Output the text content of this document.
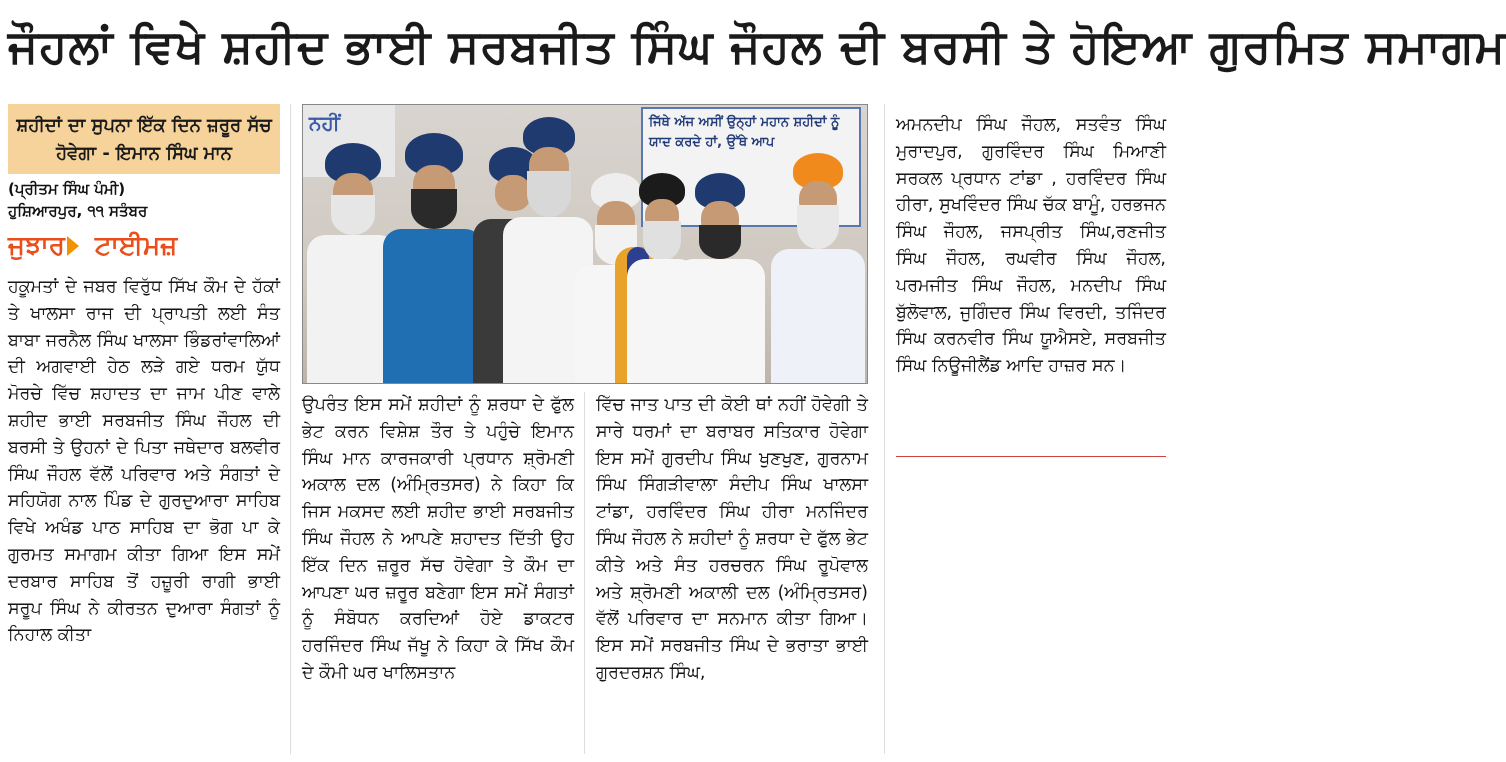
ਜੌਹਲਾਂ ਵਿਖੇ ਸ਼ਹੀਦ ਭਾਈ ਸਰਬਜੀਤ ਸਿੰਘ ਜੌਹਲ ਦੀ ਬਰਸੀ ਤੇ ਹੋਇਆ ਗੁਰਮਿਤ ਸਮਾਗਮ
ਸ਼ਹੀਦਾਂ ਦਾ ਸੁਪਨਾ ਇੱਕ ਦਿਨ ਜ਼ਰੂਰ ਸੱਚ ਹੋਵੇਗਾ - ਇਮਾਨ ਸਿੰਘ ਮਾਨ
(ਪ੍ਰੀਤਮ ਸਿੰਘ ਪੰਮੀ)
ਹੁਸ਼ਿਆਰਪੁਰ, ੧੧ ਸਤੰਬਰ
ਜੁਝਾਰ ਟਾਈਮਜ਼
ਹਕੂਮਤਾਂ ਦੇ ਜਬਰ ਵਿਰੁੱਧ ਸਿੱਖ ਕੌਮ ਦੇ ਹੱਕਾਂ ਤੇ ਖਾਲਸਾ ਰਾਜ ਦੀ ਪ੍ਰਾਪਤੀ ਲਈ ਸੰਤ ਬਾਬਾ ਜਰਨੈਲ ਸਿੰਘ ਖਾਲਸਾ ਭਿੰਡਰਾਂਵਾਲਿਆਂ ਦੀ ਅਗਵਾਈ ਹੇਠ ਲੜੇ ਗਏ ਧਰਮ ਯੁੱਧ ਮੋਰਚੇ ਵਿੱਚ ਸ਼ਹਾਦਤ ਦਾ ਜਾਮ ਪੀਣ ਵਾਲੇ ਸ਼ਹੀਦ ਭਾਈ ਸਰਬਜੀਤ ਸਿੰਘ ਜੌਹਲ ਦੀ ਬਰਸੀ ਤੇ ਉਹਨਾਂ ਦੇ ਪਿਤਾ ਜਥੇਦਾਰ ਬਲਵੀਰ ਸਿੰਘ ਜੌਹਲ ਵੱਲੋਂ ਪਰਿਵਾਰ ਅਤੇ ਸੰਗਤਾਂ ਦੇ ਸਹਿਯੋਗ ਨਾਲ ਪਿੰਡ ਦੇ ਗੁਰਦੁਆਰਾ ਸਾਹਿਬ ਵਿਖੇ ਅਖੰਡ ਪਾਠ ਸਾਹਿਬ ਦਾ ਭੋਗ ਪਾ ਕੇ ਗੁਰਮਤ ਸਮਾਗਮ ਕੀਤਾ ਗਿਆ ਇਸ ਸਮੇਂ ਦਰਬਾਰ ਸਾਹਿਬ ਤੋਂ ਹਜ਼ੂਰੀ ਰਾਗੀ ਭਾਈ ਸਰੂਪ ਸਿੰਘ ਨੇ ਕੀਰਤਨ ਦੁਆਰਾ ਸੰਗਤਾਂ ਨੂੰ ਨਿਹਾਲ ਕੀਤਾ
ਨਹੀਂ	ਜਿੱਥੇ ਅੱਜ ਅਸੀਂ ਉਨ੍ਹਾਂ ਮਹਾਨ ਸ਼ਹੀਦਾਂ ਨੂੰ ਯਾਦ ਕਰਦੇ ਹਾਂ, ਉੱਥੇ ਆਪ
ਉਪਰੰਤ ਇਸ ਸਮੇਂ ਸ਼ਹੀਦਾਂ ਨੂੰ ਸ਼ਰਧਾ ਦੇ ਫੁੱਲ ਭੇਟ ਕਰਨ ਵਿਸ਼ੇਸ਼ ਤੌਰ ਤੇ ਪਹੁੰਚੇ ਇਮਾਨ ਸਿੰਘ ਮਾਨ ਕਾਰਜਕਾਰੀ ਪ੍ਰਧਾਨ ਸ਼੍ਰੋਮਣੀ ਅਕਾਲ ਦਲ (ਅੰਮ੍ਰਿਤਸਰ) ਨੇ ਕਿਹਾ ਕਿ ਜਿਸ ਮਕਸਦ ਲਈ ਸ਼ਹੀਦ ਭਾਈ ਸਰਬਜੀਤ ਸਿੰਘ ਜੌਹਲ ਨੇ ਆਪਣੇ ਸ਼ਹਾਦਤ ਦਿੱਤੀ ਉਹ ਇੱਕ ਦਿਨ ਜ਼ਰੂਰ ਸੱਚ ਹੋਵੇਗਾ ਤੇ ਕੌਮ ਦਾ ਆਪਣਾ ਘਰ ਜ਼ਰੂਰ ਬਣੇਗਾ ਇਸ ਸਮੇਂ ਸੰਗਤਾਂ ਨੂੰ ਸੰਬੋਧਨ ਕਰਦਿਆਂ ਹੋਏ ਡਾਕਟਰ ਹਰਜਿੰਦਰ ਸਿੰਘ ਜੱਖੂ ਨੇ ਕਿਹਾ ਕੇ ਸਿੱਖ ਕੌਮ ਦੇ ਕੌਮੀ ਘਰ ਖਾਲਿਸਤਾਨ
ਵਿੱਚ ਜਾਤ ਪਾਤ ਦੀ ਕੋਈ ਥਾਂ ਨਹੀਂ ਹੋਵੇਗੀ ਤੇ ਸਾਰੇ ਧਰਮਾਂ ਦਾ ਬਰਾਬਰ ਸਤਿਕਾਰ ਹੋਵੇਗਾ ਇਸ ਸਮੇਂ ਗੁਰਦੀਪ ਸਿੰਘ ਖੁਣਖੁਣ, ਗੁਰਨਾਮ ਸਿੰਘ ਸਿੰਗੜੀਵਾਲਾ ਸੰਦੀਪ ਸਿੰਘ ਖਾਲਸਾ ਟਾਂਡਾ, ਹਰਵਿੰਦਰ ਸਿੰਘ ਹੀਰਾ ਮਨਜਿੰਦਰ ਸਿੰਘ ਜੌਹਲ ਨੇ ਸ਼ਹੀਦਾਂ ਨੂੰ ਸ਼ਰਧਾ ਦੇ ਫੁੱਲ ਭੇਟ ਕੀਤੇ ਅਤੇ ਸੰਤ ਹਰਚਰਨ ਸਿੰਘ ਰੂਪੋਵਾਲ ਅਤੇ ਸ਼੍ਰੋਮਣੀ ਅਕਾਲੀ ਦਲ (ਅੰਮ੍ਰਿਤਸਰ) ਵੱਲੋਂ ਪਰਿਵਾਰ ਦਾ ਸਨਮਾਨ ਕੀਤਾ ਗਿਆ। ਇਸ ਸਮੇਂ ਸਰਬਜੀਤ ਸਿੰਘ ਦੇ ਭਰਾਤਾ ਭਾਈ ਗੁਰਦਰਸ਼ਨ ਸਿੰਘ,
ਅਮਨਦੀਪ ਸਿੰਘ ਜੌਹਲ, ਸਤਵੰਤ ਸਿੰਘ ਮੁਰਾਦਪੁਰ, ਗੁਰਵਿੰਦਰ ਸਿੰਘ ਮਿਆਣੀ ਸਰਕਲ ਪ੍ਰਧਾਨ ਟਾਂਡਾ , ਹਰਵਿੰਦਰ ਸਿੰਘ ਹੀਰਾ, ਸੁਖਵਿੰਦਰ ਸਿੰਘ ਚੱਕ ਬਾਮੂੰ, ਹਰਭਜਨ ਸਿੰਘ ਜੌਹਲ, ਜਸਪ੍ਰੀਤ ਸਿੰਘ,ਰਣਜੀਤ ਸਿੰਘ ਜੌਹਲ, ਰਘਵੀਰ ਸਿੰਘ ਜੌਹਲ, ਪਰਮਜੀਤ ਸਿੰਘ ਜੌਹਲ, ਮਨਦੀਪ ਸਿੰਘ ਬੁੱਲੋਵਾਲ, ਜੁਗਿੰਦਰ ਸਿੰਘ ਵਿਰਦੀ, ਤਜਿੰਦਰ ਸਿੰਘ ਕਰਨਵੀਰ ਸਿੰਘ ਯੂਐਸਏ, ਸਰਬਜੀਤ ਸਿੰਘ ਨਿਊਜੀਲੈਂਡ ਆਦਿ ਹਾਜ਼ਰ ਸਨ।
